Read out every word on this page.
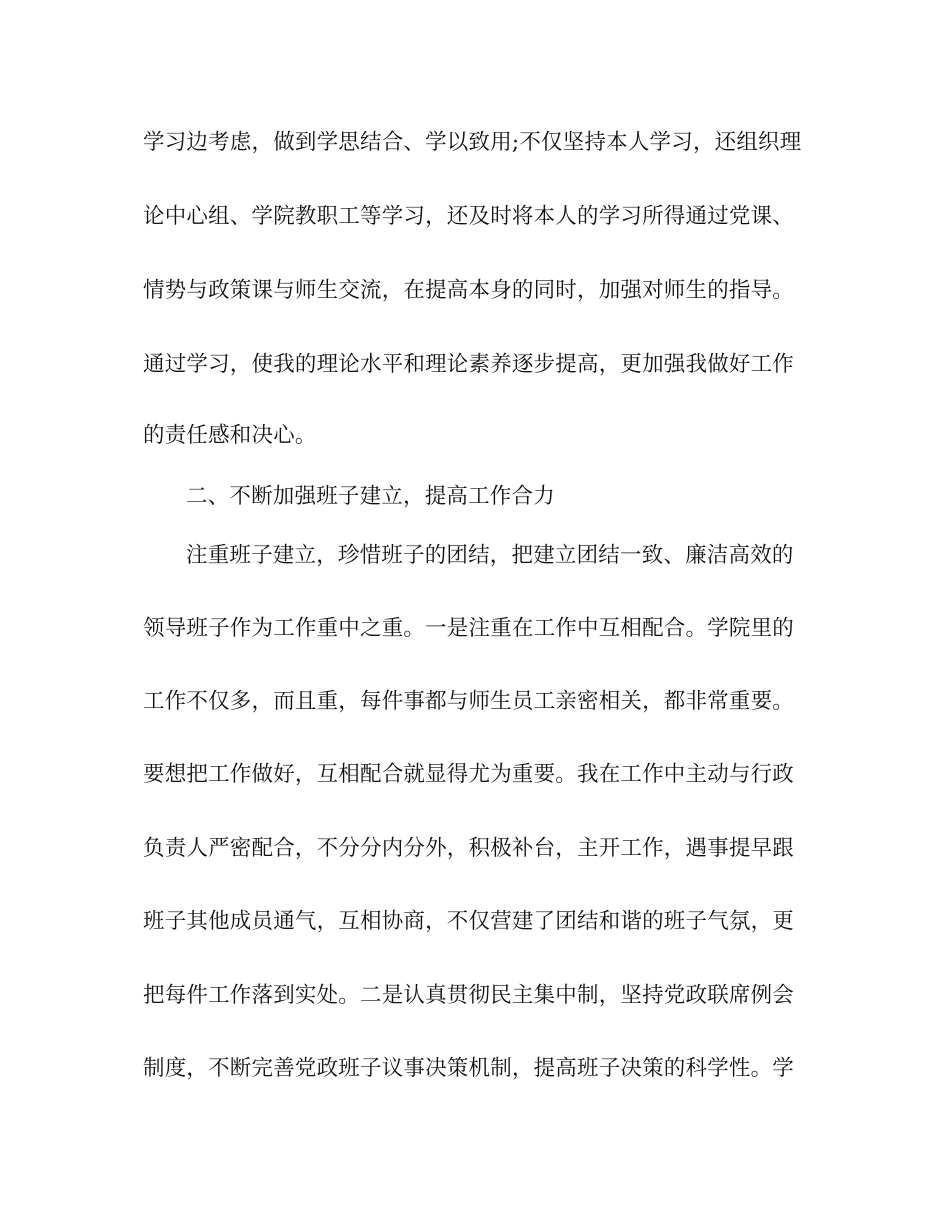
学习边考虑，做到学思结合、学以致用;不仅坚持本人学习，还组织理
论中心组、学院教职工等学习，还及时将本人的学习所得通过党课、
情势与政策课与师生交流，在提高本身的同时，加强对师生的指导。
通过学习，使我的理论水平和理论素养逐步提高，更加强我做好工作
的责任感和决心。
二、不断加强班子建立，提高工作合力
注重班子建立，珍惜班子的团结，把建立团结一致、廉洁高效的
领导班子作为工作重中之重。一是注重在工作中互相配合。学院里的
工作不仅多，而且重，每件事都与师生员工亲密相关，都非常重要。
要想把工作做好，互相配合就显得尤为重要。我在工作中主动与行政
负责人严密配合，不分分内分外，积极补台，主开工作，遇事提早跟
班子其他成员通气，互相协商，不仅营建了团结和谐的班子气氛，更
把每件工作落到实处。二是认真贯彻民主集中制，坚持党政联席例会
制度，不断完善党政班子议事决策机制，提高班子决策的科学性。学
